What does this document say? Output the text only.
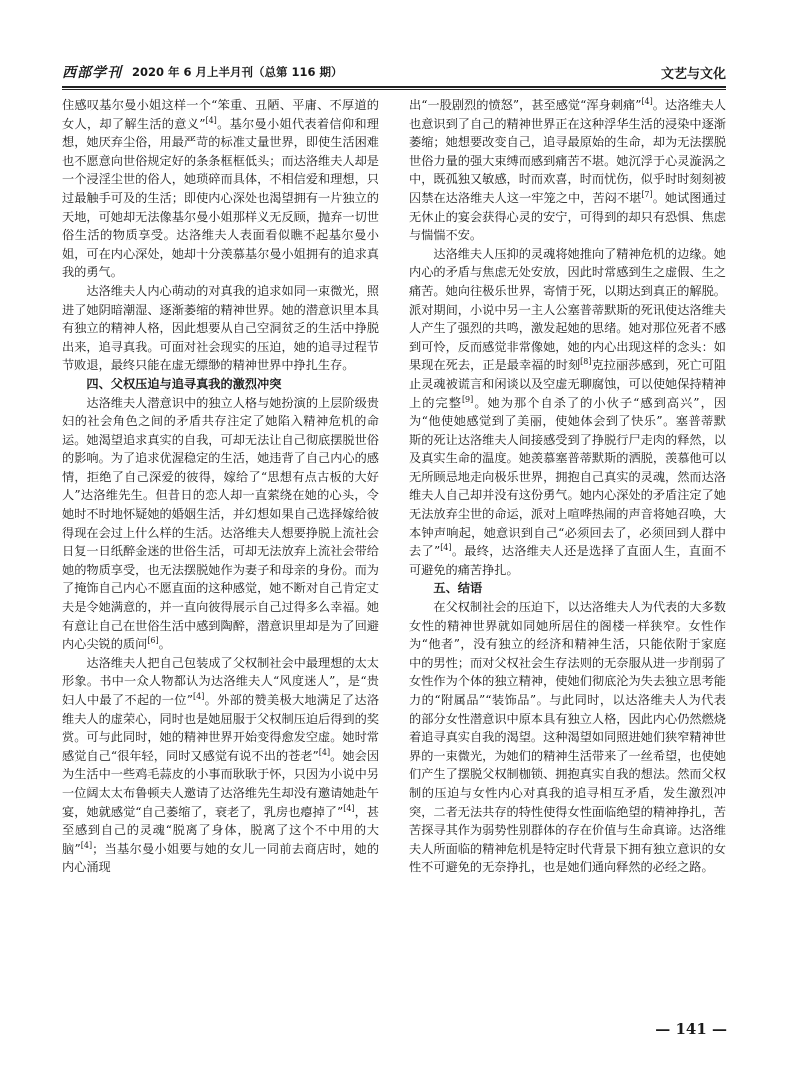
西部学刊 2020 年 6 月上半月刊（总第 116 期）	文艺与文化

住感叹基尔曼小姐这样一个“笨重、丑陋、平庸、不厚道的女人，却了解生活的意义”[4]。基尔曼小姐代表着信仰和理想，她厌弃尘俗，用最严苛的标准丈量世界，即使生活困难也不愿意向世俗规定好的条条框框低头；而达洛维夫人却是一个浸淫尘世的俗人，她琐碎而具体，不相信爱和理想，只过最触手可及的生活；即使内心深处也渴望拥有一片独立的天地，可她却无法像基尔曼小姐那样义无反顾，抛弃一切世俗生活的物质享受。达洛维夫人表面看似瞧不起基尔曼小姐，可在内心深处，她却十分羡慕基尔曼小姐拥有的追求真我的勇气。

达洛维夫人内心萌动的对真我的追求如同一束微光，照进了她阴暗潮湿、逐渐萎缩的精神世界。她的潜意识里本具有独立的精神人格，因此想要从自己空洞贫乏的生活中挣脱出来，追寻真我。可面对社会现实的压迫，她的追寻过程节节败退，最终只能在虚无缥缈的精神世界中挣扎生存。

四、父权压迫与追寻真我的激烈冲突

达洛维夫人潜意识中的独立人格与她扮演的上层阶级贵妇的社会角色之间的矛盾共存注定了她陷入精神危机的命运。她渴望追求真实的自我，可却无法让自己彻底摆脱世俗的影响。为了追求优渥稳定的生活，她违背了自己内心的感情，拒绝了自己深爱的彼得，嫁给了“思想有点古板的大好人”达洛维先生。但昔日的恋人却一直萦绕在她的心头，令她时不时地怀疑她的婚姻生活，并幻想如果自己选择嫁给彼得现在会过上什么样的生活。达洛维夫人想要挣脱上流社会日复一日纸醉金迷的世俗生活，可却无法放弃上流社会带给她的物质享受，也无法摆脱她作为妻子和母亲的身份。而为了掩饰自己内心不愿直面的这种感觉，她不断对自己肯定丈夫是令她满意的，并一直向彼得展示自己过得多么幸福。她有意让自己在世俗生活中感到陶醉，潜意识里却是为了回避内心尖锐的质问[6]。

达洛维夫人把自己包装成了父权制社会中最理想的太太形象。书中一众人物都认为达洛维夫人“风度迷人”，是“贵妇人中最了不起的一位”[4]。外部的赞美极大地满足了达洛维夫人的虚荣心，同时也是她屈服于父权制压迫后得到的奖赏。可与此同时，她的精神世界开始变得愈发空虚。她时常感觉自己“很年轻，同时又感觉有说不出的苍老”[4]。她会因为生活中一些鸡毛蒜皮的小事而耿耿于怀，只因为小说中另一位阔太太布鲁顿夫人邀请了达洛维先生却没有邀请她赴午宴，她就感觉“自己萎缩了，衰老了，乳房也瘪掉了”[4]，甚至感到自己的灵魂“脱离了身体，脱离了这个不中用的大脑”[4]；当基尔曼小姐要与她的女儿一同前去商店时，她的内心涌现

出“一股剧烈的愤怒”，甚至感觉“浑身刺痛”[4]。达洛维夫人也意识到了自己的精神世界正在这种浮华生活的浸染中逐渐萎缩；她想要改变自己，追寻最原始的生命，却为无法摆脱世俗力量的强大束缚而感到痛苦不堪。她沉浮于心灵漩涡之中，既孤独又敏感，时而欢喜，时而忧伤，似乎时时刻刻被囚禁在达洛维夫人这一牢笼之中，苦闷不堪[7]。她试图通过无休止的宴会获得心灵的安宁，可得到的却只有恐惧、焦虑与惴惴不安。

达洛维夫人压抑的灵魂将她推向了精神危机的边缘。她内心的矛盾与焦虑无处安放，因此时常感到生之虚假、生之痛苦。她向往极乐世界，寄情于死，以期达到真正的解脱。派对期间，小说中另一主人公塞普蒂默斯的死讯使达洛维夫人产生了强烈的共鸣，激发起她的思绪。她对那位死者不感到可怜，反而感觉非常像她，她的内心出现这样的念头：如果现在死去，正是最幸福的时刻[8]克拉丽莎感到，死亡可阻止灵魂被谎言和闲谈以及空虚无聊腐蚀，可以使她保持精神上的完整[9]。她为那个自杀了的小伙子“感到高兴”，因为“他使她感觉到了美丽，使她体会到了快乐”。塞普蒂默斯的死让达洛维夫人间接感受到了挣脱行尸走肉的释然，以及真实生命的温度。她羡慕塞普蒂默斯的洒脱，羡慕他可以无所顾忌地走向极乐世界，拥抱自己真实的灵魂，然而达洛维夫人自己却并没有这份勇气。她内心深处的矛盾注定了她无法放弃尘世的命运，派对上喧哗热闹的声音将她召唤，大本钟声响起，她意识到自己“必须回去了，必须回到人群中去了”[4]。最终，达洛维夫人还是选择了直面人生，直面不可避免的痛苦挣扎。

五、结语

在父权制社会的压迫下，以达洛维夫人为代表的大多数女性的精神世界就如同她所居住的阁楼一样狭窄。女性作为“他者”，没有独立的经济和精神生活，只能依附于家庭中的男性；而对父权社会生存法则的无奈服从进一步削弱了女性作为个体的独立精神，使她们彻底沦为失去独立思考能力的“附属品”“装饰品”。与此同时，以达洛维夫人为代表的部分女性潜意识中原本具有独立人格，因此内心仍然燃烧着追寻真实自我的渴望。这种渴望如同照进她们狭窄精神世界的一束微光，为她们的精神生活带来了一丝希望，也使她们产生了摆脱父权制枷锁、拥抱真实自我的想法。然而父权制的压迫与女性内心对真我的追寻相互矛盾，发生激烈冲突，二者无法共存的特性使得女性面临绝望的精神挣扎，苦苦探寻其作为弱势性别群体的存在价值与生命真谛。达洛维夫人所面临的精神危机是特定时代背景下拥有独立意识的女性不可避免的无奈挣扎，也是她们通向释然的必经之路。

— 141 —
